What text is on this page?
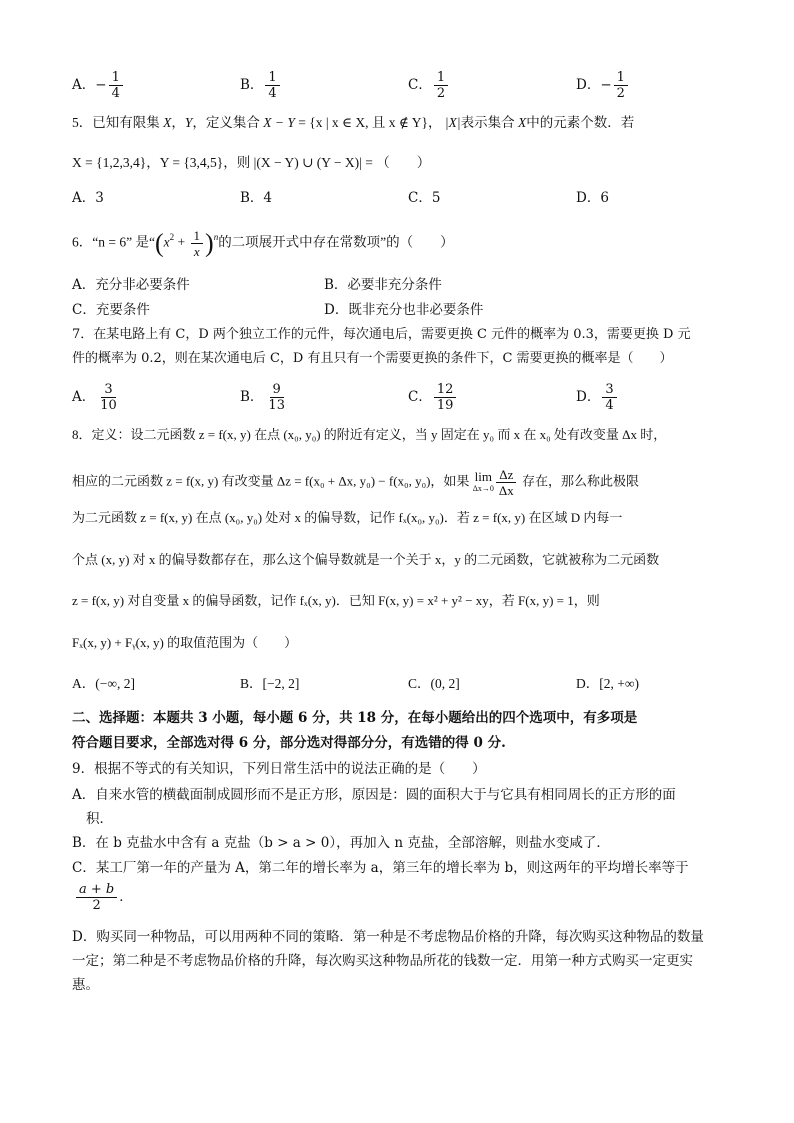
A．− $\frac{1}{4}$	B． $\frac{1}{4}$	C． $\frac{1}{2}$	D．− $\frac{1}{2}$
5．已知有限集 X，Y，定义集合 X − Y = {x | x ∈ X, 且 x ∉ Y}， |X|表示集合 X中的元素个数．若
X = {1,2,3,4}，Y = {3,4,5}，则 |(X − Y) ∪ (Y − X)| = （　　）
A．3	B．4	C．5	D．6
6．“n = 6” 是“$(x^2 + \frac{1}{x} )^n$的二项展开式中存在常数项”的（　　）
A．充分非必要条件	B．必要非充分条件
C．充要条件	D．既非充分也非必要条件
7．在某电路上有 C，D 两个独立工作的元件，每次通电后，需要更换 C 元件的概率为 0.3，需要更换 D 元
件的概率为 0.2，则在某次通电后 C，D 有且只有一个需要更换的条件下，C 需要更换的概率是（　　）
A． $\frac{3}{10}$	B． $\frac{9}{13}$	C． $\frac{12}{19}$	D． $\frac{3}{4}$
8．定义：设二元函数 z = f(x, y) 在点 (x₀, y₀) 的附近有定义，当 y 固定在 y₀ 而 x 在 x₀ 处有改变量 Δx 时，
相应的二元函数 z = f(x, y) 有改变量 Δz = f(x₀ + Δx, y₀) − f(x₀, y₀)，如果 lim
$\Delta x\to 0 \frac{\Delta z}{\Delta x}$ 存在，那么称此极限
为二元函数 z = f(x, y) 在点 (x₀, y₀) 处对 x 的偏导数，记作 fₓ(x₀, y₀)．若 z = f(x, y) 在区域 D 内每一
个点 (x, y) 对 x 的偏导数都存在，那么这个偏导数就是一个关于 x，y 的二元函数，它就被称为二元函数
z = f(x, y) 对自变量 x 的偏导函数，记作 fₓ(x, y)．已知 F(x, y) = x² + y² − xy，若 F(x, y) = 1，则
Fₓ(x, y) + Fᵧ(x, y) 的取值范围为（　　）
A．(−∞, 2]	B．[−2, 2]	C．(0, 2]	D．[2, +∞)
二、选择题：本题共 3 小题，每小题 6 分，共 18 分，在每小题给出的四个选项中，有多项是
符合题目要求，全部选对得 6 分，部分选对得部分分，有选错的得 0 分.
9．根据不等式的有关知识，下列日常生活中的说法正确的是（　　）
A．自来水管的横截面制成圆形而不是正方形，原因是：圆的面积大于与它具有相同周长的正方形的面
积．
B．在 b 克盐水中含有 a 克盐（b > a > 0），再加入 n 克盐，全部溶解，则盐水变咸了．
C．某工厂第一年的产量为 A，第二年的增长率为 a，第三年的增长率为 b，则这两年的平均增长率等于
$\frac{a + b}{2}$ ．
D．购买同一种物品，可以用两种不同的策略．第一种是不考虑物品价格的升降，每次购买这种物品的数量
一定；第二种是不考虑物品价格的升降，每次购买这种物品所花的钱数一定．用第一种方式购买一定更实
惠。
